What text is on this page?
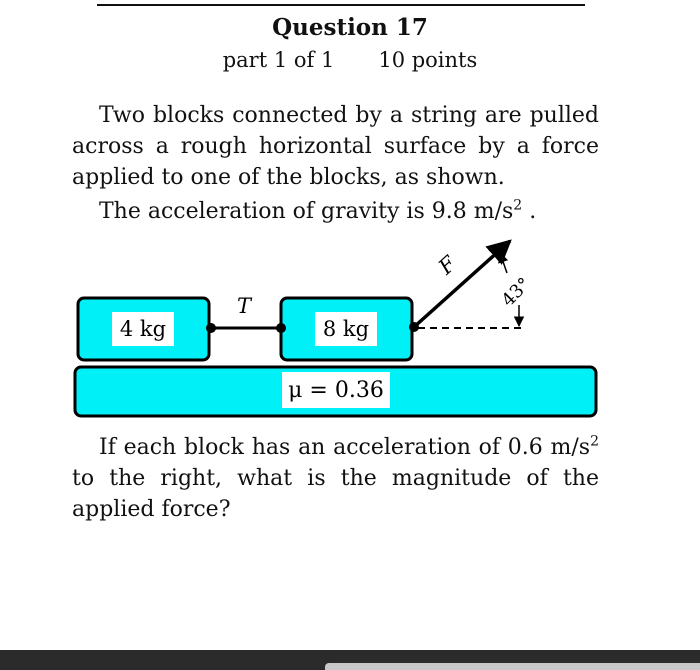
Question 17
part 1 of 1 10 points
Two blocks connected by a string are pulled across a rough horizontal surface by a force applied to one of the blocks, as shown.
The acceleration of gravity is 9.8 $m/s^2$ .
μ = 0.36
4 kg	8 kg
T
F
43°
If each block has an acceleration of 0.6 $m/s^2$ to the right, what is the magnitude of the applied force?
